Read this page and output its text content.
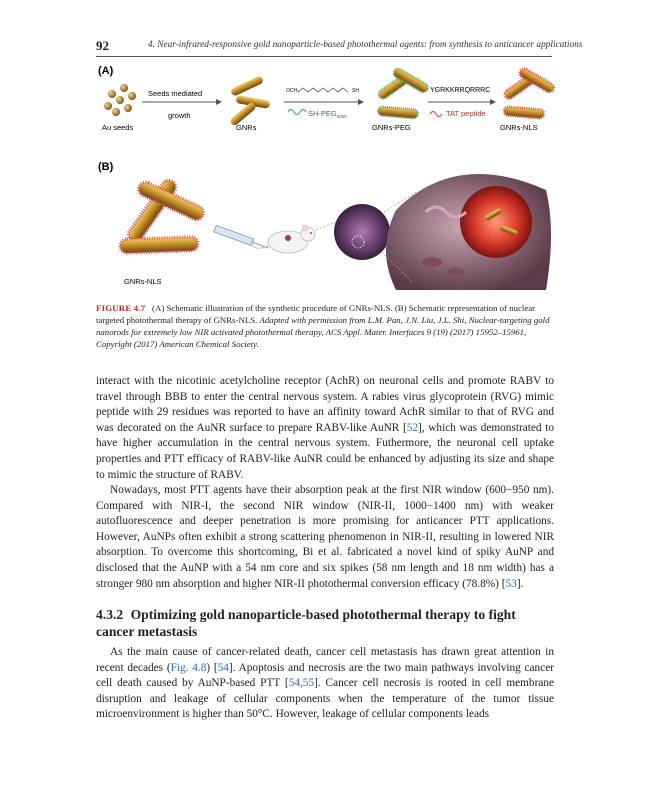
92	4. Near-infrared-responsive gold nanoparticle-based photothermal agents: from synthesis to anticancer applications
(A)
Au seeds
Seeds mediated
growth
GNRs
OCH₃	SH
$SH-PEG_{5000}$
GNRs-PEG
YGRKKRRQRRRC
TAT peptide
GNRs-NLS
(B)
GNRs-NLS
FIGURE 4.7 (A) Schematic illustration of the synthetic procedure of GNRs-NLS. (B) Schematic representation of nuclear targeted photothermal therapy of GNRs-NLS. Adapted with permission from L.M. Pan, J.N. Liu, J.L. Shi, Nuclear-targeting gold nanorods for extremely low NIR activated photothermal therapy, ACS Appl. Mater. Interfaces 9 (19) (2017) 15952–15961, Copyright (2017) American Chemical Society.
interact with the nicotinic acetylcholine receptor (AchR) on neuronal cells and promote RABV to travel through BBB to enter the central nervous system. A rabies virus glycoprotein (RVG) mimic peptide with 29 residues was reported to have an affinity toward AchR similar to that of RVG and was decorated on the AuNR surface to prepare RABV-like AuNR [52], which was demonstrated to have higher accumulation in the central nervous system. Futhermore, the neuronal cell uptake properties and PTT efficacy of RABV-like AuNR could be enhanced by adjusting its size and shape to mimic the structure of RABV.
Nowadays, most PTT agents have their absorption peak at the first NIR window (600−950 nm). Compared with NIR-I, the second NIR window (NIR-II, 1000−1400 nm) with weaker autofluorescence and deeper penetration is more promising for anticancer PTT applications. However, AuNPs often exhibit a strong scattering phenomenon in NIR-II, resulting in lowered NIR absorption. To overcome this shortcoming, Bi et al. fabricated a novel kind of spiky AuNP and disclosed that the AuNP with a 54 nm core and six spikes (58 nm length and 18 nm width) has a stronger 980 nm absorption and higher NIR-II photothermal conversion efficacy (78.8%) [53].
4.3.2 Optimizing gold nanoparticle-based photothermal therapy to fight cancer metastasis
As the main cause of cancer-related death, cancer cell metastasis has drawn great attention in recent decades (Fig. 4.8) [54]. Apoptosis and necrosis are the two main pathways involving cancer cell death caused by AuNP-based PTT [54,55]. Cancer cell necrosis is rooted in cell membrane disruption and leakage of cellular components when the temperature of the tumor tissue microenvironment is higher than 50°C. However, leakage of cellular components leads
